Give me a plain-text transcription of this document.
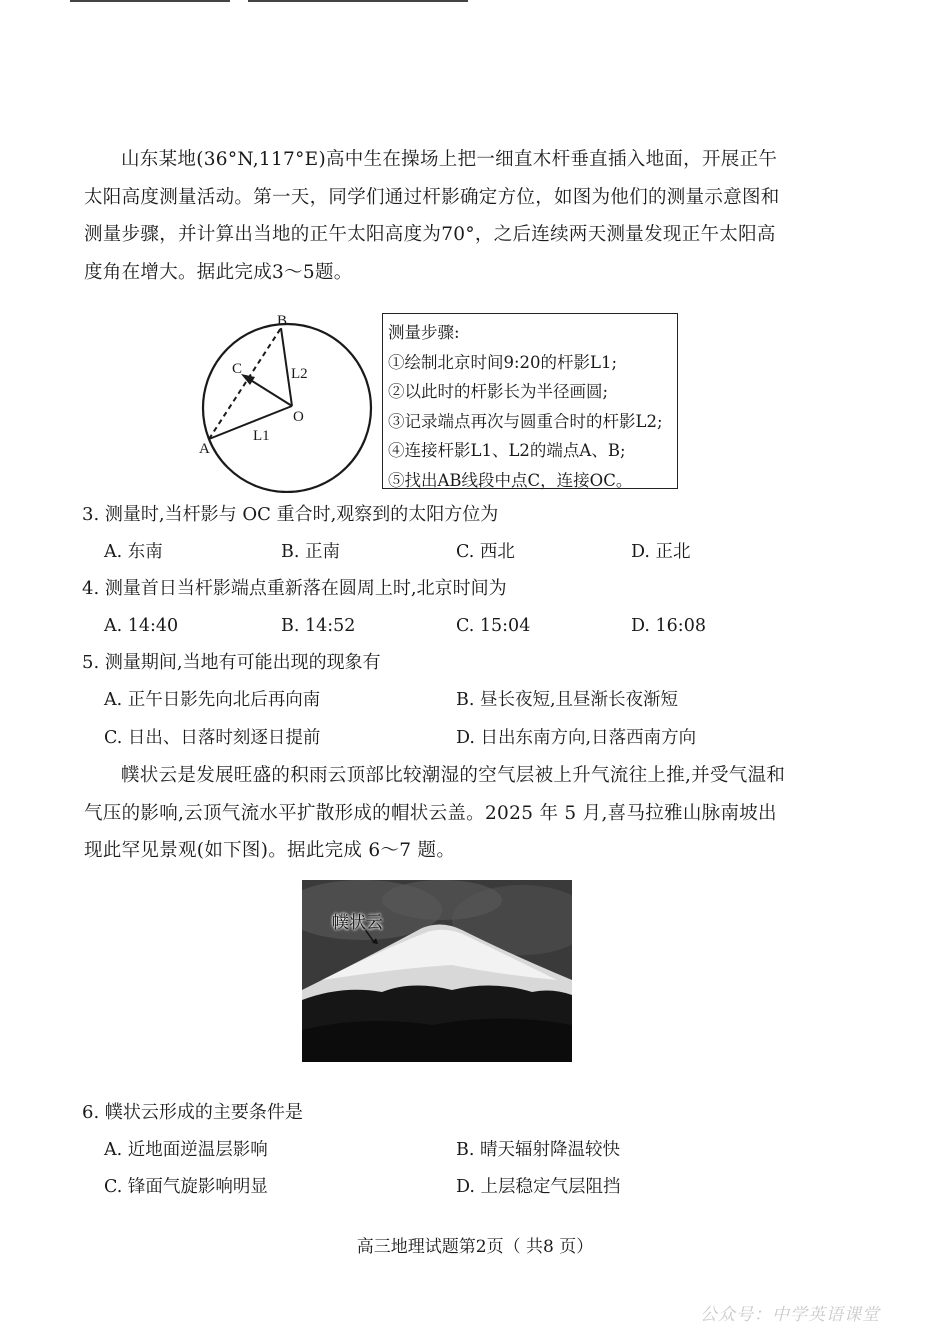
山东某地(36°N,117°E)高中生在操场上把一细直木杆垂直插入地面，开展正午太阳高度测量活动。第一天，同学们通过杆影确定方位，如图为他们的测量示意图和测量步骤，并计算出当地的正午太阳高度为70°，之后连续两天测量发现正午太阳高度角在增大。据此完成3～5题。

B
A
C
O
L1
L2
测量步骤:
①绘制北京时间9:20的杆影L1;
②以此时的杆影长为半径画圆;
③记录端点再次与圆重合时的杆影L2;
④连接杆影L1、L2的端点A、B;
⑤找出AB线段中点C，连接OC。
3. 测量时,当杆影与 OC 重合时,观察到的太阳方位为
A. 东南	B. 正南	C. 西北	D. 正北
4. 测量首日当杆影端点重新落在圆周上时,北京时间为
A. 14:40	B. 14:52	C. 15:04	D. 16:08
5. 测量期间,当地有可能出现的现象有
A. 正午日影先向北后再向南	B. 昼长夜短,且昼渐长夜渐短
C. 日出、日落时刻逐日提前	D. 日出东南方向,日落西南方向

幞状云是发展旺盛的积雨云顶部比较潮湿的空气层被上升气流往上推,并受气温和气压的影响,云顶气流水平扩散形成的帽状云盖。2025 年 5 月,喜马拉雅山脉南坡出现此罕见景观(如下图)。据此完成 6～7 题。

幞状云
6. 幞状云形成的主要条件是
A. 近地面逆温层影响	B. 晴天辐射降温较快
C. 锋面气旋影响明显	D. 上层稳定气层阻挡
高三地理试题第2页（ 共8 页）
公众号：中学英语课堂
